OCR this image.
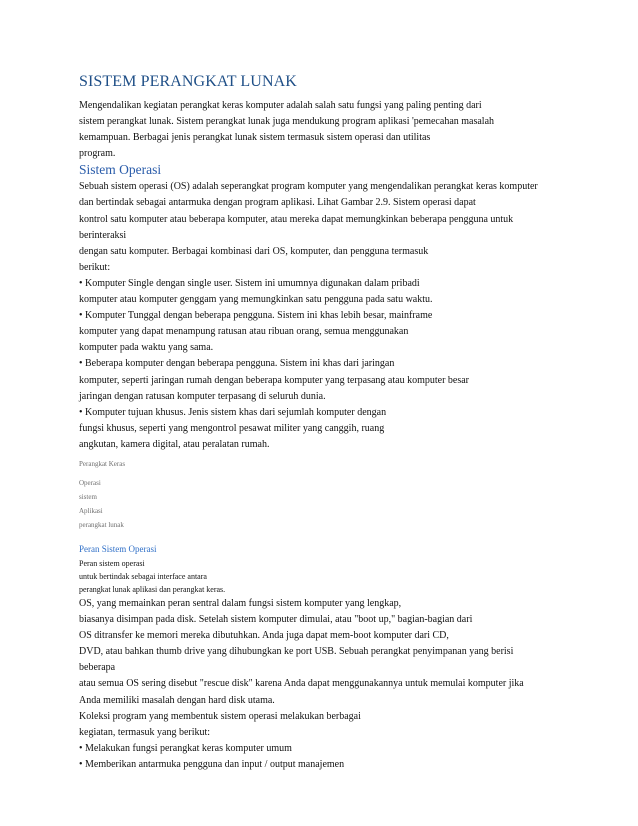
SISTEM PERANGKAT LUNAK

Mengendalikan kegiatan perangkat keras komputer adalah salah satu fungsi yang paling penting dari

sistem perangkat lunak. Sistem perangkat lunak juga mendukung program aplikasi 'pemecahan masalah

kemampuan. Berbagai jenis perangkat lunak sistem termasuk sistem operasi dan utilitas

program.

Sistem Operasi

Sebuah sistem operasi (OS) adalah seperangkat program komputer yang mengendalikan perangkat keras komputer

dan bertindak sebagai antarmuka dengan program aplikasi. Lihat Gambar 2.9. Sistem operasi dapat

kontrol satu komputer atau beberapa komputer, atau mereka dapat memungkinkan beberapa pengguna untuk

berinteraksi

dengan satu komputer. Berbagai kombinasi dari OS, komputer, dan pengguna termasuk

berikut:

• Komputer Single dengan single user. Sistem ini umumnya digunakan dalam pribadi

komputer atau komputer genggam yang memungkinkan satu pengguna pada satu waktu.

• Komputer Tunggal dengan beberapa pengguna. Sistem ini khas lebih besar, mainframe

komputer yang dapat menampung ratusan atau ribuan orang, semua menggunakan

komputer pada waktu yang sama.

• Beberapa komputer dengan beberapa pengguna. Sistem ini khas dari jaringan

komputer, seperti jaringan rumah dengan beberapa komputer yang terpasang atau komputer besar

jaringan dengan ratusan komputer terpasang di seluruh dunia.

• Komputer tujuan khusus. Jenis sistem khas dari sejumlah komputer dengan

fungsi khusus, seperti yang mengontrol pesawat militer yang canggih, ruang

angkutan, kamera digital, atau peralatan rumah.

Perangkat Keras

Operasi

sistem

Aplikasi

perangkat lunak

Peran Sistem Operasi

Peran sistem operasi

untuk bertindak sebagai interface antara

perangkat lunak aplikasi dan perangkat keras.

OS, yang memainkan peran sentral dalam fungsi sistem komputer yang lengkap,

biasanya disimpan pada disk. Setelah sistem komputer dimulai, atau "boot up," bagian-bagian dari

OS ditransfer ke memori mereka dibutuhkan. Anda juga dapat mem-boot komputer dari CD,

DVD, atau bahkan thumb drive yang dihubungkan ke port USB. Sebuah perangkat penyimpanan yang berisi

beberapa

atau semua OS sering disebut "rescue disk" karena Anda dapat menggunakannya untuk memulai komputer jika

Anda memiliki masalah dengan hard disk utama.

Koleksi program yang membentuk sistem operasi melakukan berbagai

kegiatan, termasuk yang berikut:

• Melakukan fungsi perangkat keras komputer umum

• Memberikan antarmuka pengguna dan input / output manajemen
